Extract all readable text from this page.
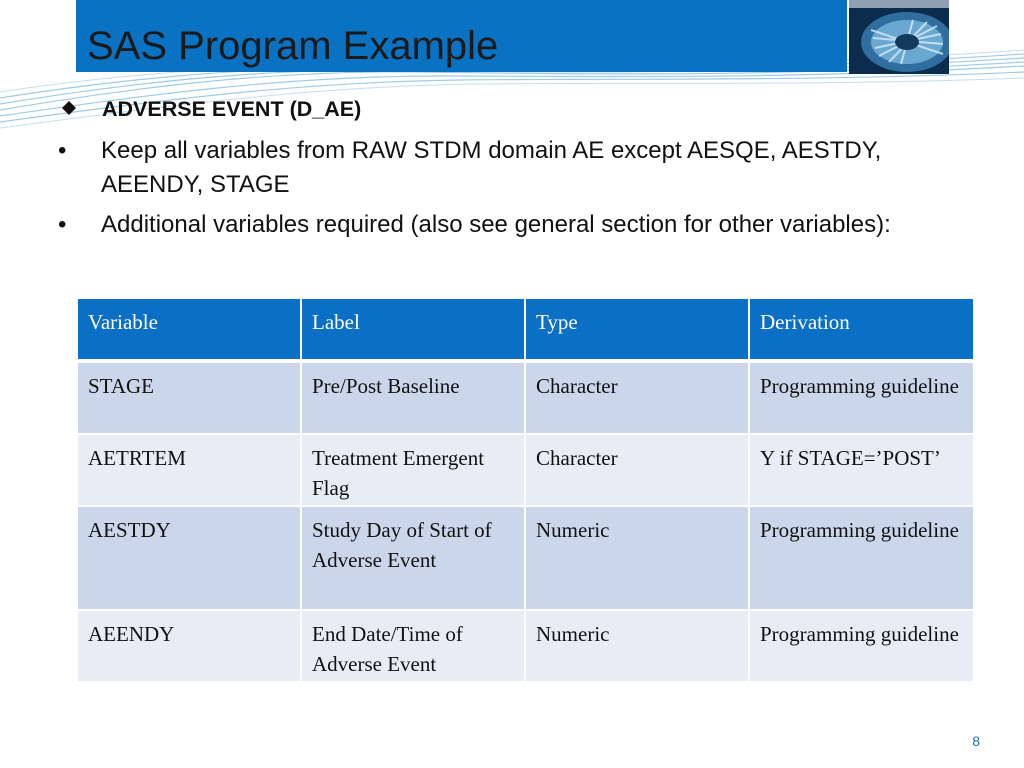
SAS Program Example
ADVERSE EVENT (D_AE)
• Keep all variables from RAW STDM domain AE except AESQE, AESTDY, AEENDY, STAGE
• Additional variables required (also see general section for other variables):
Variable	Label	Type	Derivation
STAGE	Pre/Post Baseline	Character	Programming guideline
AETRTEM	Treatment Emergent Flag	Character	Y if STAGE=’POST’
AESTDY	Study Day of Start of Adverse Event	Numeric	Programming guideline
AEENDY	End Date/Time of Adverse Event	Numeric	Programming guideline
8
